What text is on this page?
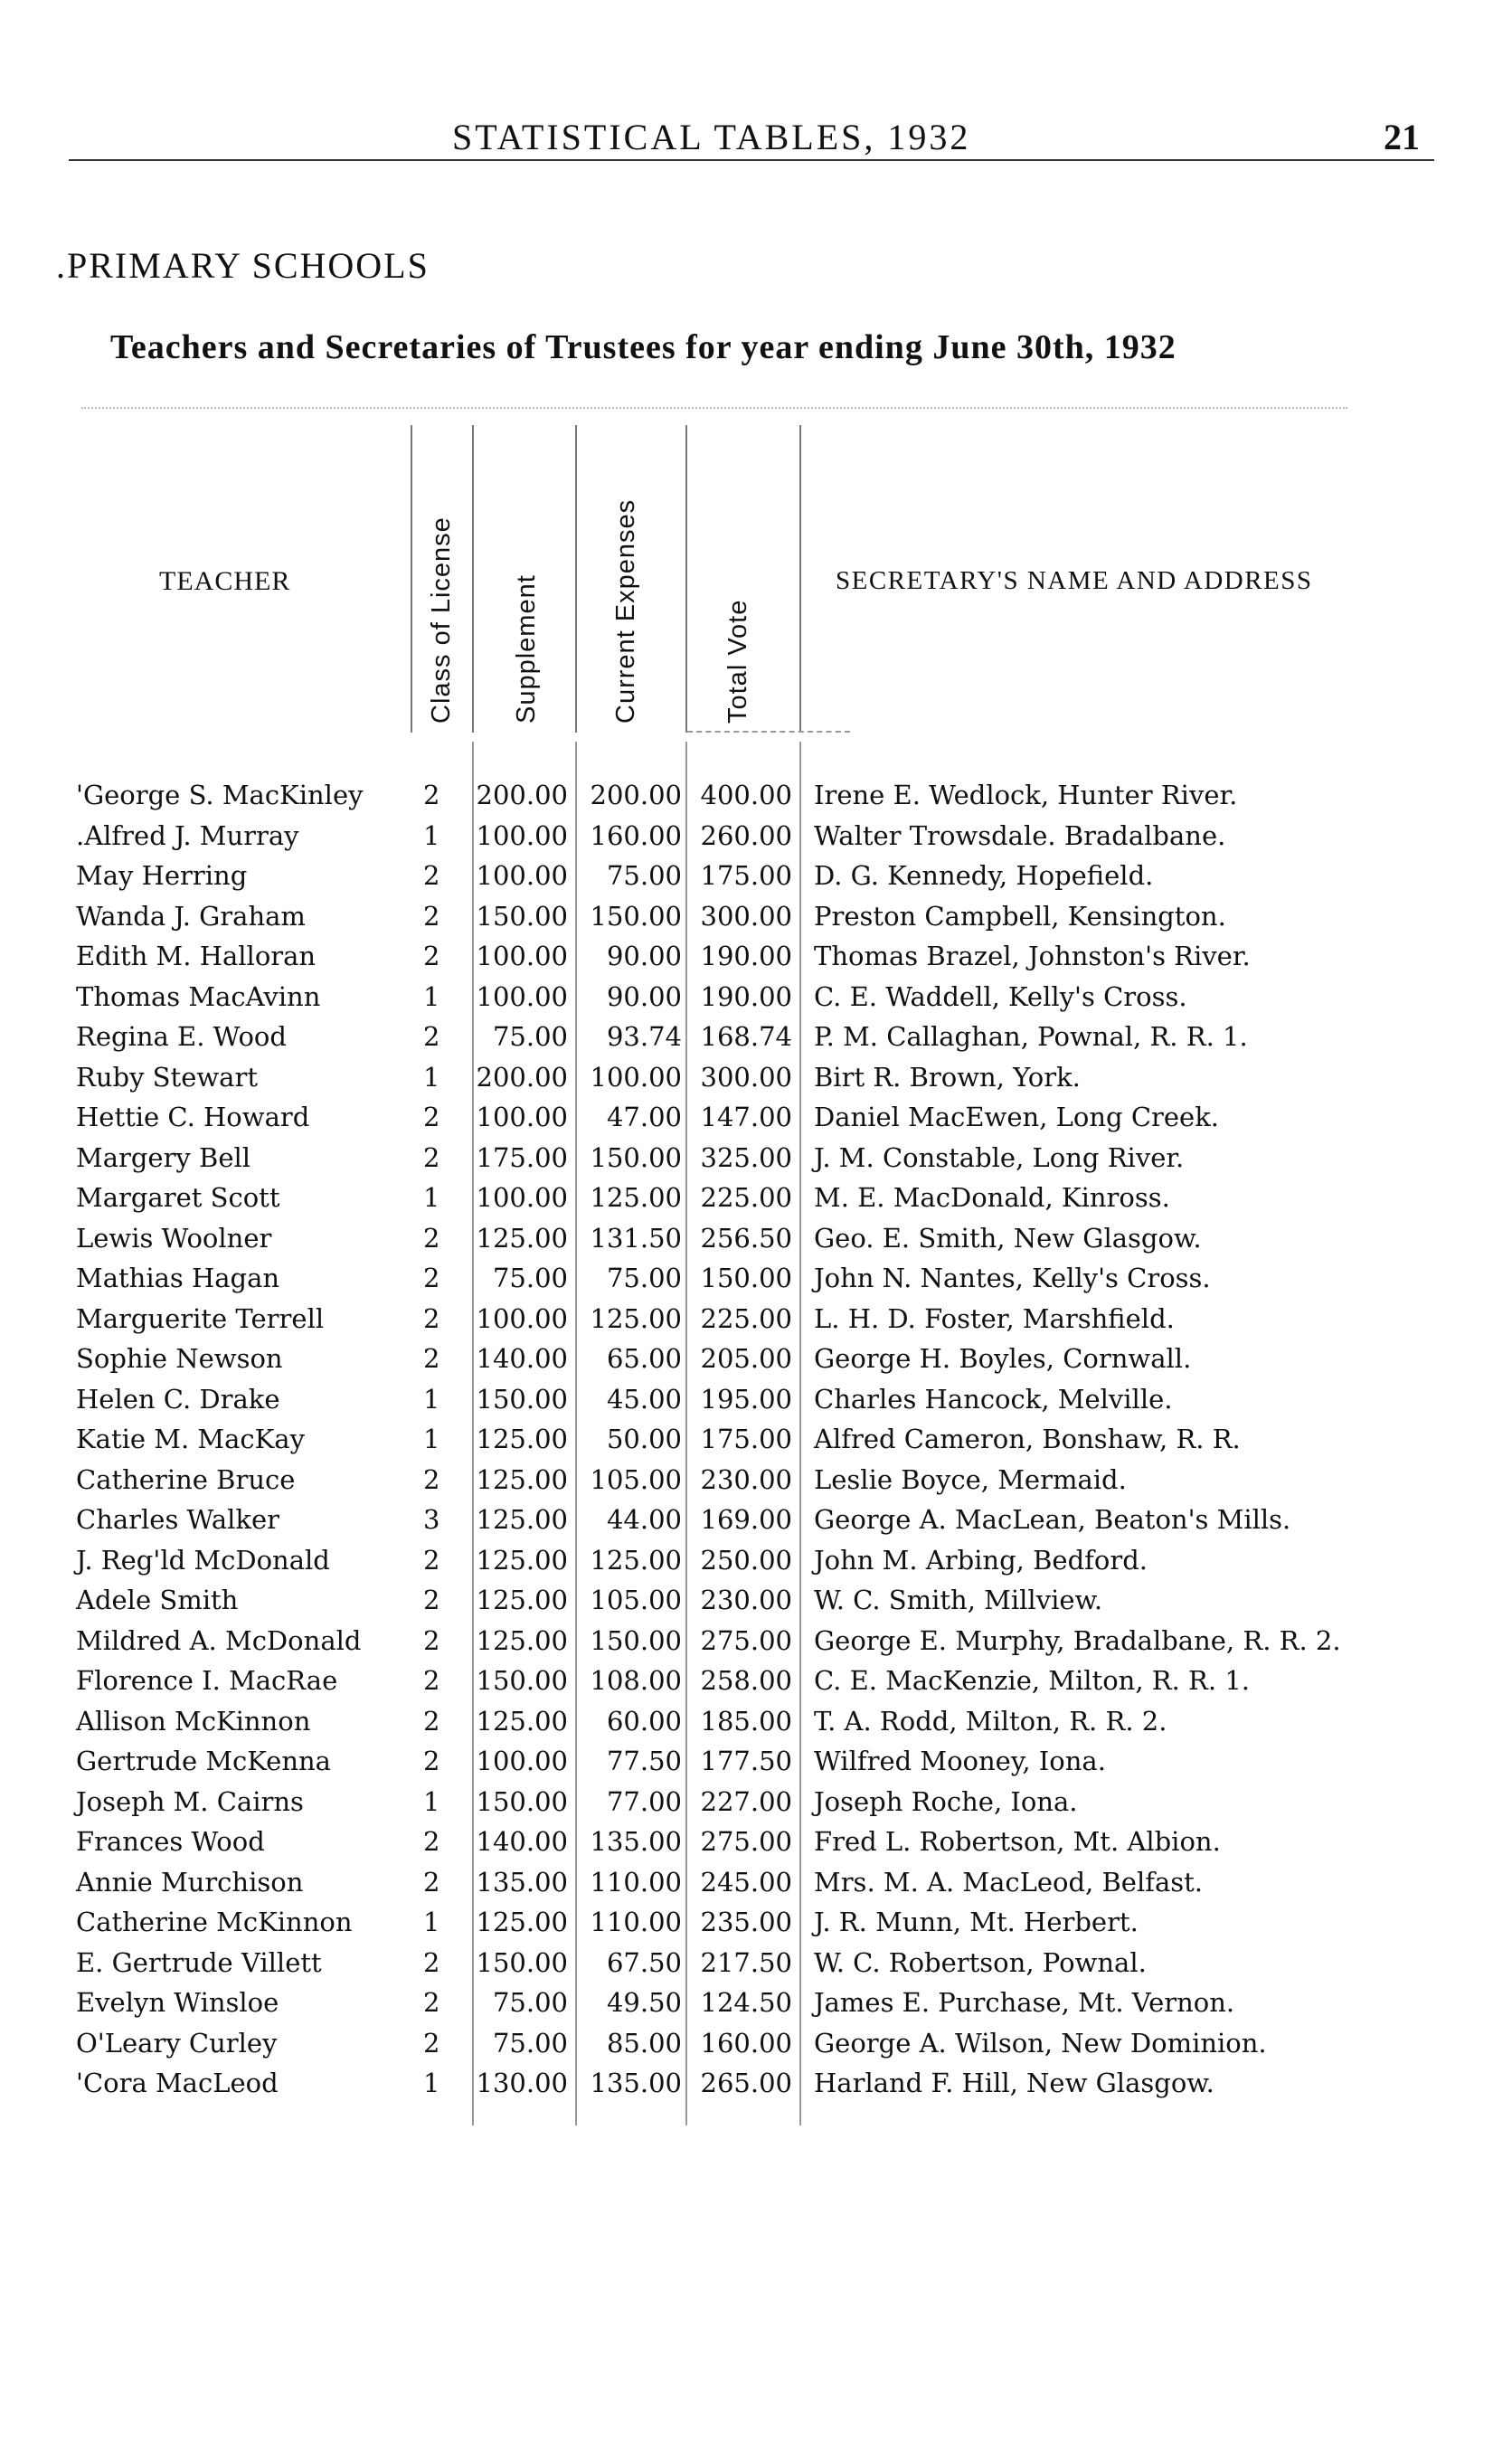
STATISTICAL TABLES, 1932	21
.PRIMARY SCHOOLS
Teachers and Secretaries of Trustees for year ending June 30th, 1932
TEACHER	Class of License Supplement	Current Expenses	Total Vote
SECRETARY'S NAME AND ADDRESS
'George S. MacKinley 2	200.00 200.00 400.00 Irene E. Wedlock, Hunter River.
.Alfred J. Murray	1	100.00 160.00 260.00 Walter Trowsdale. Bradalbane.
May Herring	2	100.00	75.00 175.00 D. G. Kennedy, Hopefield.
Wanda J. Graham	2	150.00 150.00 300.00 Preston Campbell, Kensington.
Edith M. Halloran	2	100.00	90.00 190.00 Thomas Brazel, Johnston's River.
Thomas MacAvinn	1	100.00	90.00 190.00 C. E. Waddell, Kelly's Cross.
Regina E. Wood	2	75.00	93.74 168.74 P. M. Callaghan, Pownal, R. R. 1.
Ruby Stewart	1	200.00 100.00 300.00 Birt R. Brown, York.
Hettie C. Howard	2	100.00	47.00 147.00 Daniel MacEwen, Long Creek.
Margery Bell	2	175.00 150.00 325.00 J. M. Constable, Long River.
Margaret Scott	1	100.00 125.00 225.00 M. E. MacDonald, Kinross.
Lewis Woolner	2	125.00 131.50 256.50 Geo. E. Smith, New Glasgow.
Mathias Hagan	2	75.00	75.00 150.00 John N. Nantes, Kelly's Cross.
Marguerite Terrell	2	100.00 125.00 225.00 L. H. D. Foster, Marshfield.
Sophie Newson	2	140.00	65.00 205.00 George H. Boyles, Cornwall.
Helen C. Drake	1	150.00	45.00 195.00 Charles Hancock, Melville.
Katie M. MacKay	1	125.00	50.00 175.00 Alfred Cameron, Bonshaw, R. R.
Catherine Bruce	2	125.00 105.00 230.00 Leslie Boyce, Mermaid.
Charles Walker	3	125.00	44.00 169.00 George A. MacLean, Beaton's Mills.
J. Reg'ld McDonald	2	125.00 125.00 250.00 John M. Arbing, Bedford.
Adele Smith	2	125.00 105.00 230.00 W. C. Smith, Millview.
Mildred A. McDonald 2	125.00 150.00 275.00 George E. Murphy, Bradalbane, R. R. 2.
Florence I. MacRae	2	150.00 108.00 258.00 C. E. MacKenzie, Milton, R. R. 1.
Allison McKinnon	2	125.00	60.00 185.00 T. A. Rodd, Milton, R. R. 2.
Gertrude McKenna	2	100.00	77.50 177.50 Wilfred Mooney, Iona.
Joseph M. Cairns	1	150.00	77.00 227.00 Joseph Roche, Iona.
Frances Wood	2	140.00 135.00 275.00 Fred L. Robertson, Mt. Albion.
Annie Murchison	2	135.00 110.00 245.00 Mrs. M. A. MacLeod, Belfast.
Catherine McKinnon	1	125.00 110.00 235.00 J. R. Munn, Mt. Herbert.
E. Gertrude Villett	2	150.00	67.50 217.50 W. C. Robertson, Pownal.
Evelyn Winsloe	2	75.00	49.50 124.50 James E. Purchase, Mt. Vernon.
O'Leary Curley	2	75.00	85.00 160.00 George A. Wilson, New Dominion.
'Cora MacLeod	1	130.00 135.00 265.00 Harland F. Hill, New Glasgow.
